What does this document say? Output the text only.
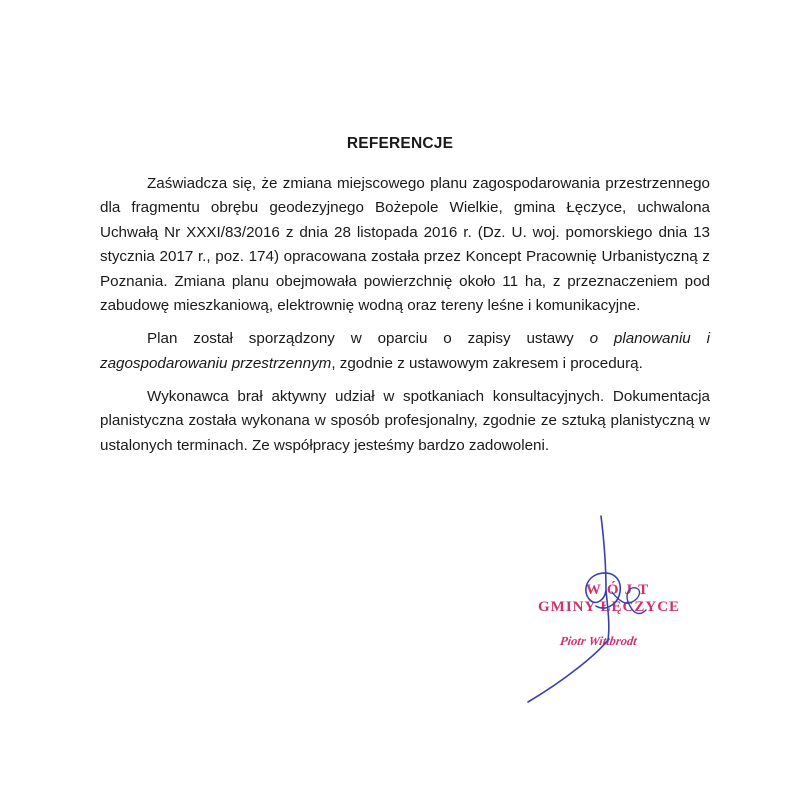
REFERENCJE

Zaświadcza się, że zmiana miejscowego planu zagospodarowania przestrzennego dla fragmentu obrębu geodezyjnego Bożepole Wielkie, gmina Łęczyce, uchwalona Uchwałą Nr XXXI/83/2016 z dnia 28 listopada 2016 r. (Dz. U. woj. pomorskiego dnia 13 stycznia 2017 r., poz. 174) opracowana została przez Koncept Pracownię Urbanistyczną z Poznania. Zmiana planu obejmowała powierzchnię około 11 ha, z przeznaczeniem pod zabudowę mieszkaniową, elektrownię wodną oraz tereny leśne i komunikacyjne.

Plan został sporządzony w oparciu o zapisy ustawy o planowaniu i zagospodarowaniu przestrzennym, zgodnie z ustawowym zakresem i procedurą.

Wykonawca brał aktywny udział w spotkaniach konsultacyjnych. Dokumentacja planistyczna została wykonana w sposób profesjonalny, zgodnie ze sztuką planistyczną w ustalonych terminach. Ze współpracy jesteśmy bardzo zadowoleni.

WÓJT
GMINY ŁĘCZYCE
Piotr Wittbrodt
